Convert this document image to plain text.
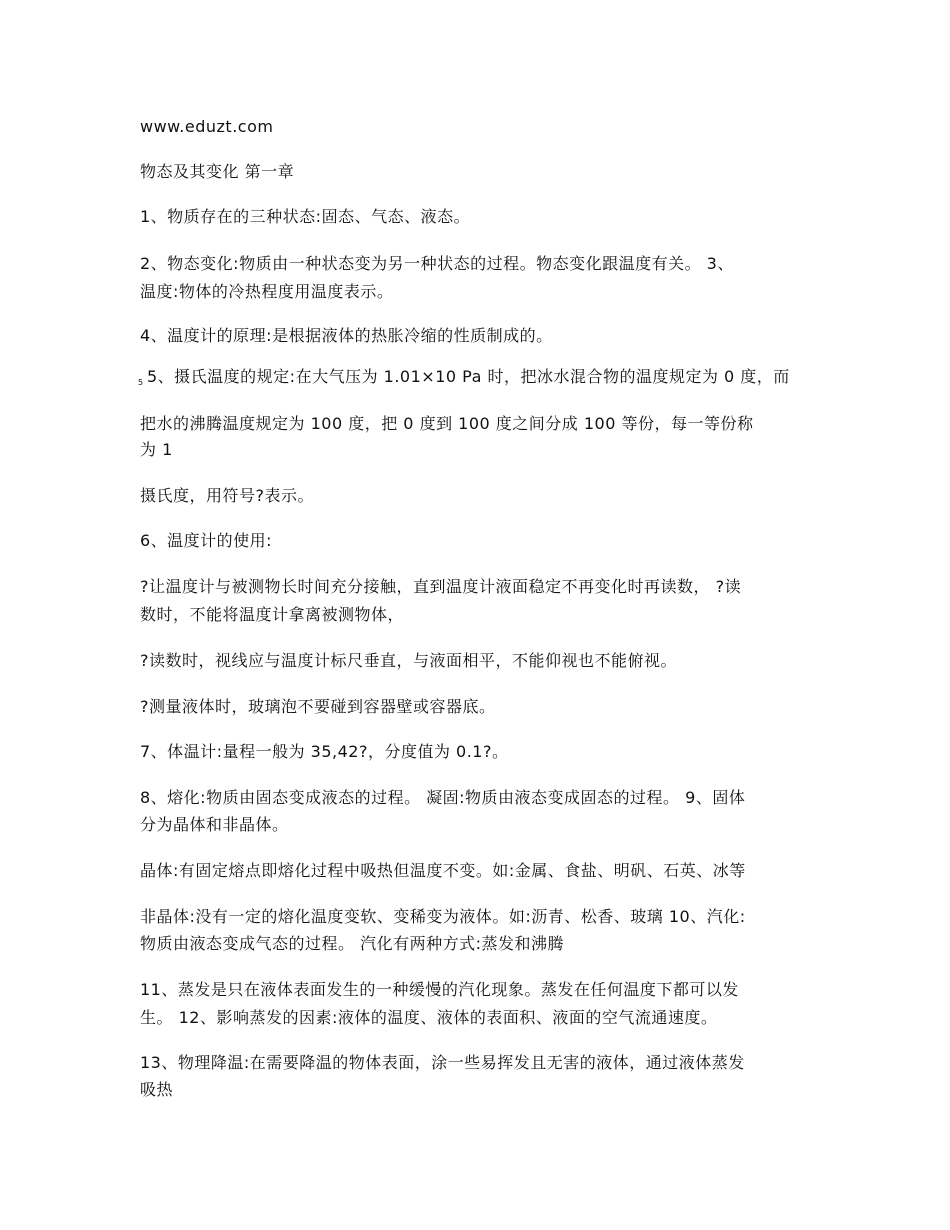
www.eduzt.com
物态及其变化 第一章
1、物质存在的三种状态:固态、气态、液态。
2、物态变化:物质由一种状态变为另一种状态的过程。物态变化跟温度有关。 3、
温度:物体的冷热程度用温度表示。
4、温度计的原理:是根据液体的热胀冷缩的性质制成的。
$^5$ 5、摄氏温度的规定:在大气压为 1.01×10 Pa 时，把冰水混合物的温度规定为 0 度，而
把水的沸腾温度规定为 100 度，把 0 度到 100 度之间分成 100 等份，每一等份称
为 1
摄氏度，用符号?表示。
6、温度计的使用:
?让温度计与被测物长时间充分接触，直到温度计液面稳定不再变化时再读数， ?读
数时，不能将温度计拿离被测物体，
?读数时，视线应与温度计标尺垂直，与液面相平，不能仰视也不能俯视。
?测量液体时，玻璃泡不要碰到容器壁或容器底。
7、体温计:量程一般为 35,42?，分度值为 0.1?。
8、熔化:物质由固态变成液态的过程。 凝固:物质由液态变成固态的过程。 9、固体
分为晶体和非晶体。
晶体:有固定熔点即熔化过程中吸热但温度不变。如:金属、食盐、明矾、石英、冰等
非晶体:没有一定的熔化温度变软、变稀变为液体。如:沥青、松香、玻璃 10、汽化:
物质由液态变成气态的过程。 汽化有两种方式:蒸发和沸腾
11、蒸发是只在液体表面发生的一种缓慢的汽化现象。蒸发在任何温度下都可以发
生。 12、影响蒸发的因素:液体的温度、液体的表面积、液面的空气流通速度。
13、物理降温:在需要降温的物体表面，涂一些易挥发且无害的液体，通过液体蒸发
吸热
